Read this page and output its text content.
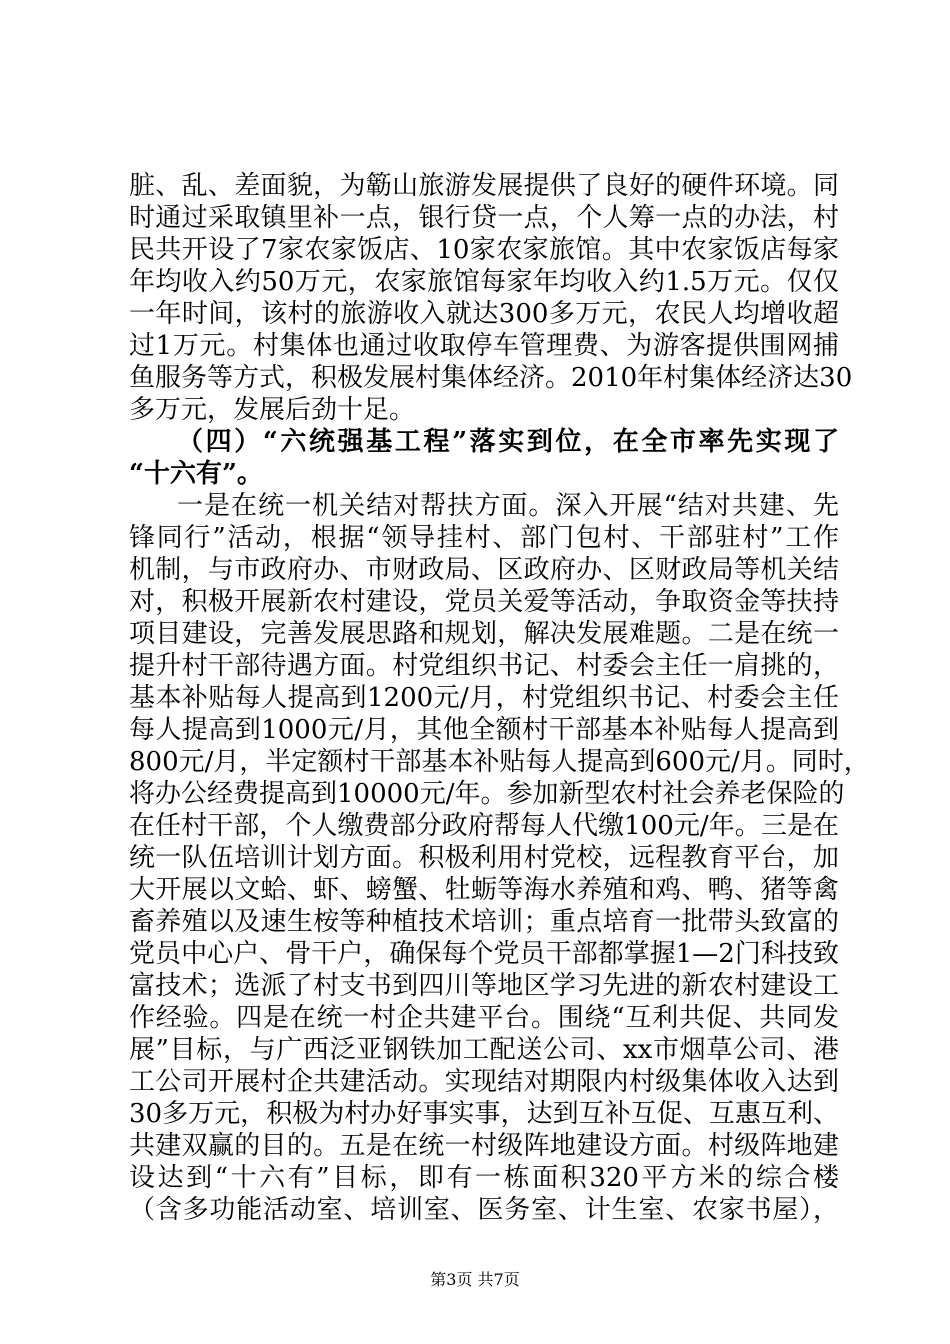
脏、乱、差面貌，为簕山旅游发展提供了良好的硬件环境。同
时通过采取镇里补一点，银行贷一点，个人筹一点的办法，村
民共开设了7家农家饭店、10家农家旅馆。其中农家饭店每家
年均收入约50万元，农家旅馆每家年均收入约1.5万元。仅仅
一年时间，该村的旅游收入就达300多万元，农民人均增收超
过1万元。村集体也通过收取停车管理费、为游客提供围网捕
鱼服务等方式，积极发展村集体经济。2010年村集体经济达30
多万元，发展后劲十足。
（四）“六统强基工程”落实到位，在全市率先实现了
“十六有”。
一是在统一机关结对帮扶方面。深入开展“结对共建、先
锋同行”活动，根据“领导挂村、部门包村、干部驻村”工作
机制，与市政府办、市财政局、区政府办、区财政局等机关结
对，积极开展新农村建设，党员关爱等活动，争取资金等扶持
项目建设，完善发展思路和规划，解决发展难题。二是在统一
提升村干部待遇方面。村党组织书记、村委会主任一肩挑的，
基本补贴每人提高到1200元/月，村党组织书记、村委会主任
每人提高到1000元/月，其他全额村干部基本补贴每人提高到
800元/月，半定额村干部基本补贴每人提高到600元/月。同时，
将办公经费提高到10000元/年。参加新型农村社会养老保险的
在任村干部，个人缴费部分政府帮每人代缴100元/年。三是在
统一队伍培训计划方面。积极利用村党校，远程教育平台，加
大开展以文蛤、虾、螃蟹、牡蛎等海水养殖和鸡、鸭、猪等禽
畜养殖以及速生桉等种植技术培训；重点培育一批带头致富的
党员中心户、骨干户，确保每个党员干部都掌握1—2门科技致
富技术；选派了村支书到四川等地区学习先进的新农村建设工
作经验。四是在统一村企共建平台。围绕“互利共促、共同发
展”目标，与广西泛亚钢铁加工配送公司、xx市烟草公司、港
工公司开展村企共建活动。实现结对期限内村级集体收入达到
30多万元，积极为村办好事实事，达到互补互促、互惠互利、
共建双赢的目的。五是在统一村级阵地建设方面。村级阵地建
设达到“十六有”目标，即有一栋面积320平方米的综合楼
（含多功能活动室、培训室、医务室、计生室、农家书屋），
第3页 共7页
